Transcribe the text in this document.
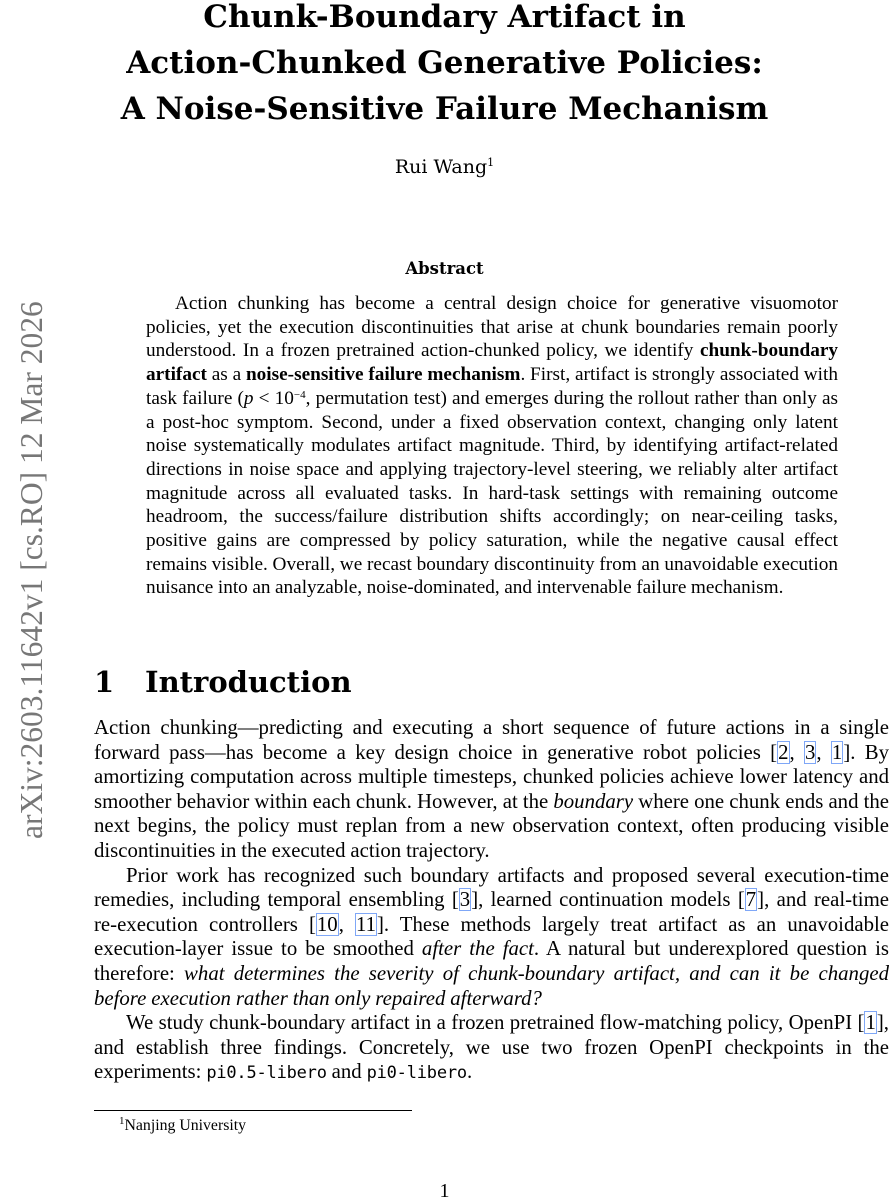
arXiv:2603.11642v1 [cs.RO] 12 Mar 2026
Chunk-Boundary Artifact in
Action-Chunked Generative Policies:
A Noise-Sensitive Failure Mechanism
Rui Wang$^1$
Abstract

Action chunking has become a central design choice for generative visuomotor policies, yet the execution discontinuities that arise at chunk boundaries remain poorly understood. In a frozen pretrained action-chunked policy, we identify chunk-boundary artifact as a noise-sensitive failure mechanism. First, artifact is strongly associated with task failure ($p < 10^{-4}$, permutation test) and emerges during the rollout rather than only as a post-hoc symptom. Second, under a fixed observation context, changing only latent noise systematically modulates artifact magnitude. Third, by identifying artifact-related directions in noise space and applying trajectory-level steering, we reliably alter artifact magnitude across all evaluated tasks. In hard-task settings with remaining outcome headroom, the success/failure distribution shifts accordingly; on near-ceiling tasks, positive gains are compressed by policy saturation, while the negative causal effect remains visible. Overall, we recast boundary discontinuity from an unavoidable execution nuisance into an analyzable, noise-dominated, and intervenable failure mechanism.

1 Introduction

Action chunking—predicting and executing a short sequence of future actions in a single forward pass—has become a key design choice in generative robot policies [2, 3, 1]. By amortizing computation across multiple timesteps, chunked policies achieve lower latency and smoother behavior within each chunk. However, at the boundary where one chunk ends and the next begins, the policy must replan from a new observation context, often producing visible discontinuities in the executed action trajectory.

Prior work has recognized such boundary artifacts and proposed several execution-time remedies, including temporal ensembling [3], learned continuation models [7], and real-time re-execution controllers [10, 11]. These methods largely treat artifact as an unavoidable execution-layer issue to be smoothed after the fact. A natural but underexplored question is therefore: what determines the severity of chunk-boundary artifact, and can it be changed before execution rather than only repaired afterward?

We study chunk-boundary artifact in a frozen pretrained flow-matching policy, OpenPI [1], and establish three findings. Concretely, we use two frozen OpenPI checkpoints in the experiments: pi0.5-libero and pi0-libero.

$^1$Nanjing University
1
